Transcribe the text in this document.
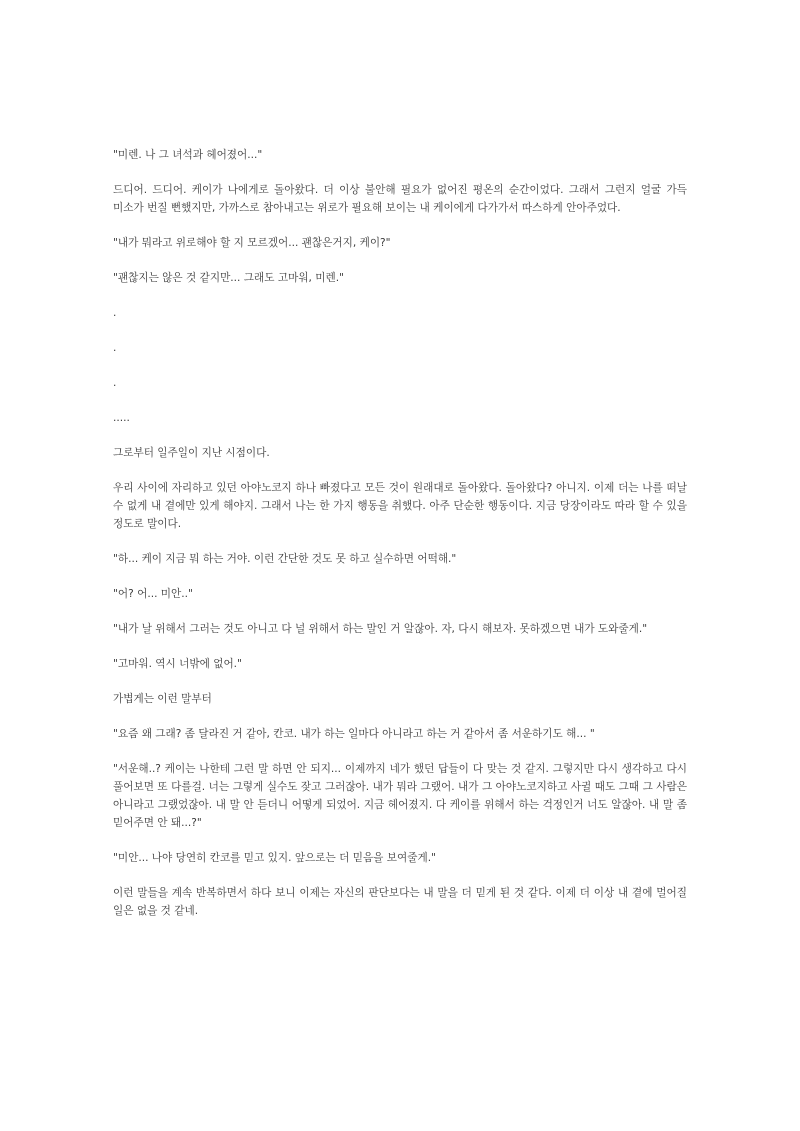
"미렌. 나 그 녀석과 헤어졌어..."

드디어. 드디어. 케이가 나에게로 돌아왔다. 더 이상 불안해 필요가 없어진 평온의 순간이었다. 그래서 그런지 얼굴 가득 미소가 번질 뻔했지만, 가까스로 참아내고는 위로가 필요해 보이는 내 케이에게 다가가서 따스하게 안아주었다.

"내가 뭐라고 위로해야 할 지 모르겠어... 괜찮은거지, 케이?"

"괜찮지는 않은 것 같지만... 그래도 고마워, 미렌."

.

.

.

.....

그로부터 일주일이 지난 시점이다.

우리 사이에 자리하고 있던 아야노코지 하나 빠졌다고 모든 것이 원래대로 돌아왔다. 돌아왔다? 아니지. 이제 더는 나를 떠날 수 없게 내 곁에만 있게 해야지. 그래서 나는 한 가지 행동을 취했다. 아주 단순한 행동이다. 지금 당장이라도 따라 할 수 있을 정도로 말이다.

"하... 케이 지금 뭐 하는 거야. 이런 간단한 것도 못 하고 실수하면 어떡해."

"어? 어... 미안.."

"내가 날 위해서 그러는 것도 아니고 다 널 위해서 하는 말인 거 알잖아. 자, 다시 해보자. 못하겠으면 내가 도와줄게."

"고마워. 역시 너밖에 없어."

가볍게는 이런 말부터

"요즘 왜 그래? 좀 달라진 거 같아, 칸코. 내가 하는 일마다 아니라고 하는 거 같아서 좀 서운하기도 해... "

"서운해..? 케이는 나한테 그런 말 하면 안 되지... 이제까지 네가 했던 답들이 다 맞는 것 같지. 그렇지만 다시 생각하고 다시 풀어보면 또 다를걸. 너는 그렇게 실수도 잦고 그러잖아. 내가 뭐라 그랬어. 내가 그 아야노코지하고 사귈 때도 그때 그 사람은 아니라고 그랬었잖아. 내 말 안 듣더니 어떻게 되었어. 지금 헤어졌지. 다 케이를 위해서 하는 걱정인거 너도 알잖아. 내 말 좀 믿어주면 안 돼...?"

"미안... 나야 당연히 칸코를 믿고 있지. 앞으로는 더 믿음을 보여줄게."

이런 말들을 계속 반복하면서 하다 보니 이제는 자신의 판단보다는 내 말을 더 믿게 된 것 같다. 이제 더 이상 내 곁에 멀어질 일은 없을 것 같네.
